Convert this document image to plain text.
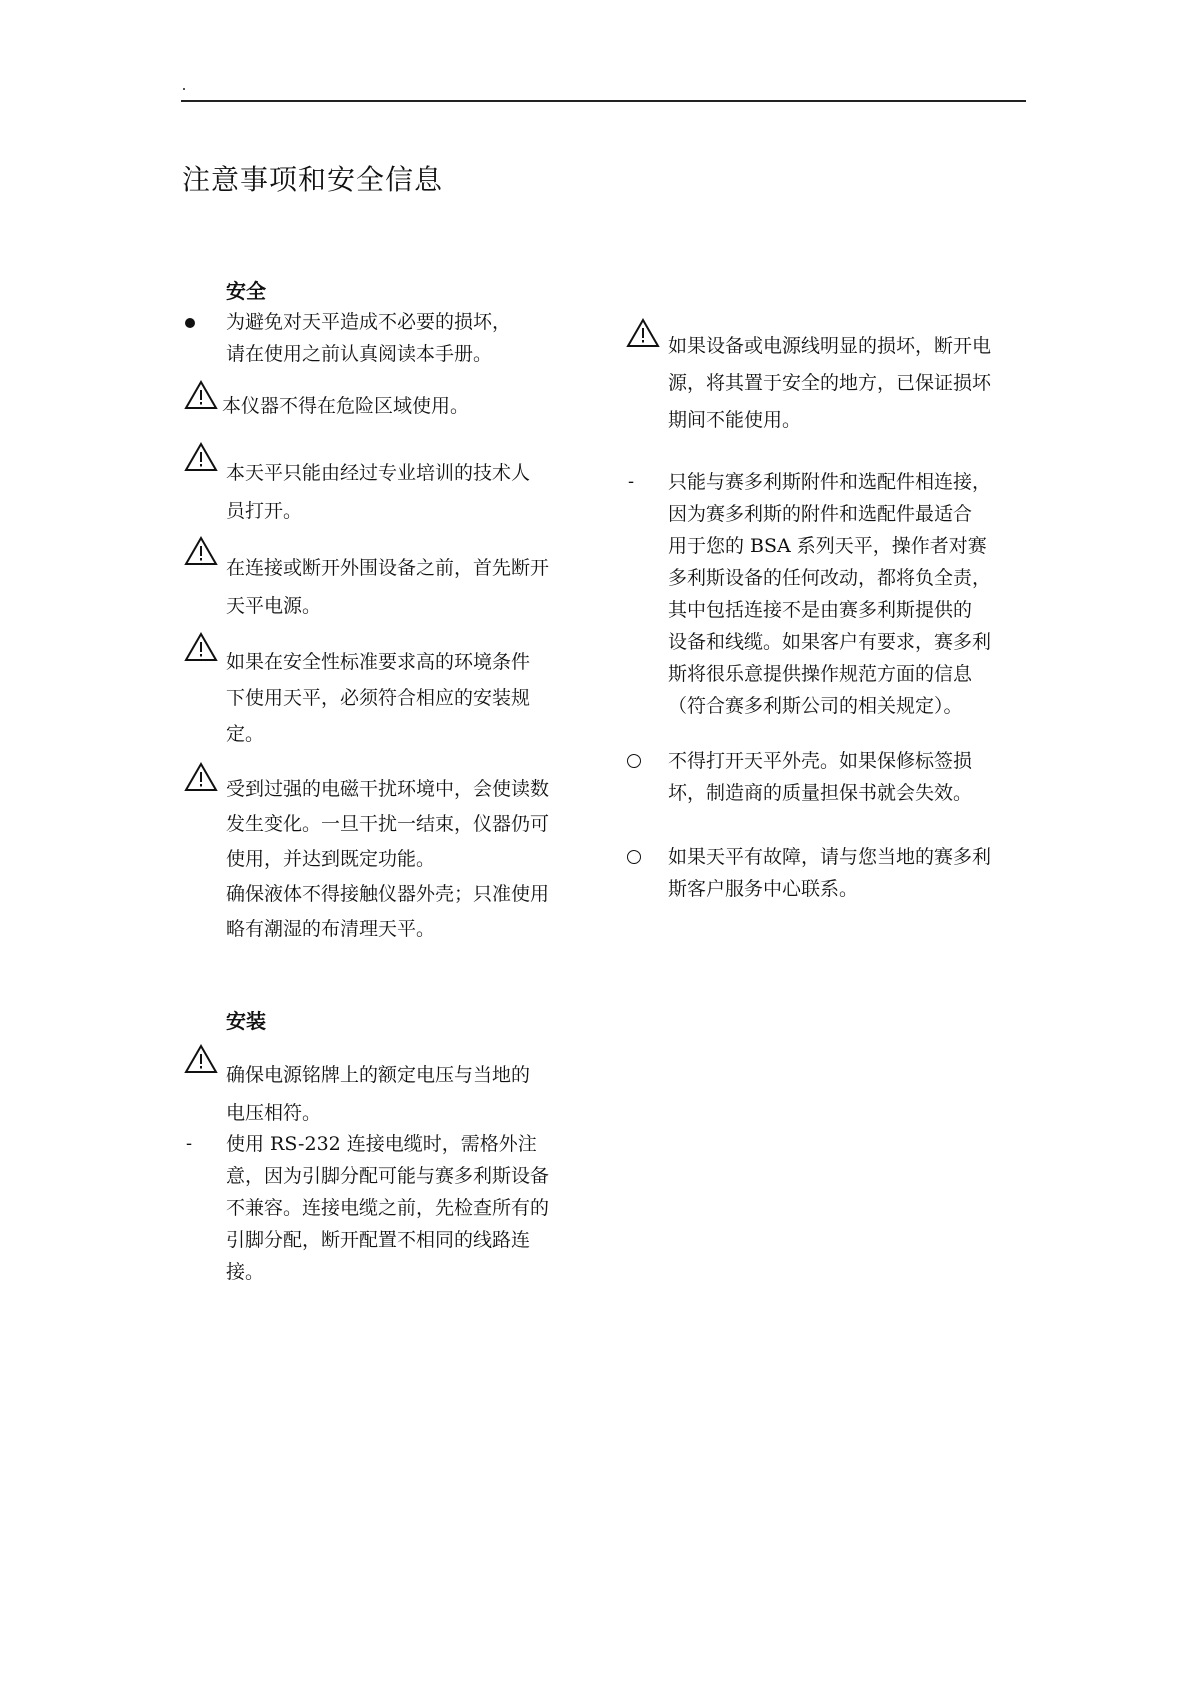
注意事项和安全信息
安全
为避免对天平造成不必要的损坏，
请在使用之前认真阅读本手册。
本仪器不得在危险区域使用。
本天平只能由经过专业培训的技术人
员打开。
在连接或断开外围设备之前，首先断开
天平电源。
如果在安全性标准要求高的环境条件
下使用天平，必须符合相应的安装规
定。
受到过强的电磁干扰环境中，会使读数
发生变化。一旦干扰一结束，仪器仍可
使用，并达到既定功能。
确保液体不得接触仪器外壳；只准使用
略有潮湿的布清理天平。
安装
确保电源铭牌上的额定电压与当地的
电压相符。
- 使用 RS-232 连接电缆时，需格外注
意，因为引脚分配可能与赛多利斯设备
不兼容。连接电缆之前，先检查所有的
引脚分配，断开配置不相同的线路连
接。
如果设备或电源线明显的损坏，断开电
源，将其置于安全的地方，已保证损坏
期间不能使用。
- 只能与赛多利斯附件和选配件相连接，
因为赛多利斯的附件和选配件最适合
用于您的 BSA 系列天平，操作者对赛
多利斯设备的任何改动，都将负全责，
其中包括连接不是由赛多利斯提供的
设备和线缆。如果客户有要求，赛多利
斯将很乐意提供操作规范方面的信息
（符合赛多利斯公司的相关规定）。
不得打开天平外壳。如果保修标签损
坏，制造商的质量担保书就会失效。
如果天平有故障，请与您当地的赛多利
斯客户服务中心联系。
